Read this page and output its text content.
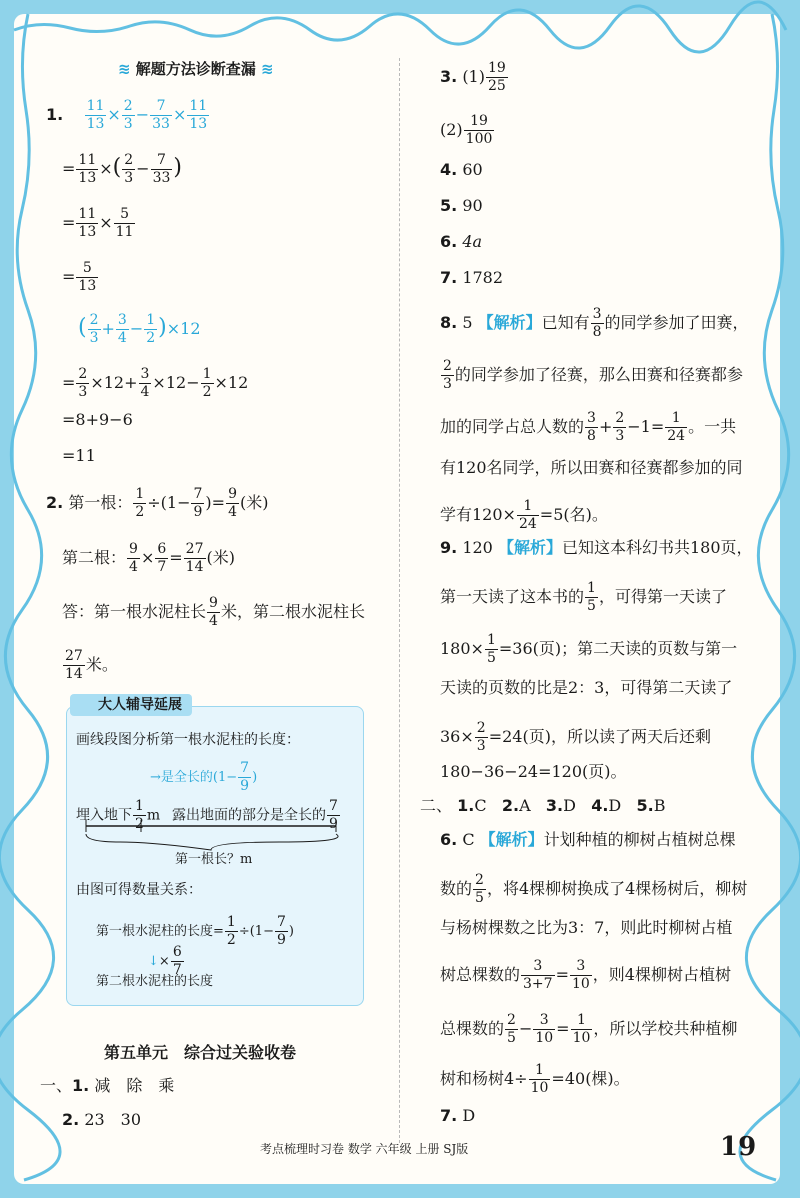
≋ 解题方法诊断查漏 ≋
1. $\frac{11}{13} \times \frac{2}{3} - \frac{7}{33} \times \frac{11}{13}$
= $\frac{11}{13}$ ×( $\frac{2}{3} - \frac{7}{33}$ )
= $\frac{11}{13} \times \frac{5}{11}$
= $\frac{5}{13}$
( $\frac{2}{3} + \frac{3}{4} - \frac{1}{2} )\times 12$
= $\frac{2}{3} \times 12+ \frac{3}{4} \times 12- \frac{1}{2} \times 12$
=8+9−6
=11
2. 第一根： $\frac{1}{2} \div(1- \frac{7}{9}$ )= $\frac{9}{4}$ (米)
第二根： $\frac{9}{4} \times \frac{6}{7} = \frac{27}{14}$ (米)
答：第一根水泥柱长 $\frac{9}{4}$ 米，第二根水泥柱长
$\frac{27}{14}$ 米。
大人辅导延展
画线段图分析第一根水泥柱的长度：
→是全长的($1- \frac{7}{9}$ )
埋入地下 $\frac{1}{2}$ m 露出地面的部分是全长的 $\frac{7}{9}$
第一根长？m
由图可得数量关系：
第一根水泥柱的长度= $\frac{1}{2} \div(1- \frac{7}{9}$ )
↓× $\frac{6}{7}$
第二根水泥柱的长度
第五单元　综合过关验收卷
一、1. 减　除　乘
2. 23　30
3. $(1) \frac{19}{25}$
$(2) \frac{19}{100}$
4. 60
5. 90
6. 4a
7. 1782
8. 5 【解析】已知有 $\frac{3}{8}$ 的同学参加了田赛，
$\frac{2}{3}$ 的同学参加了径赛，那么田赛和径赛都参
加的同学占总人数的 $\frac{3}{8} + \frac{2}{3} -1= \frac{1}{24}$ 。一共
有120名同学，所以田赛和径赛都参加的同
学有$120\times \frac{1}{24} =5$(名)。
9. 120 【解析】已知这本科幻书共180页，
第一天读了这本书的 $\frac{1}{5}$ ，可得第一天读了
$180\times \frac{1}{5} =36$(页)；第二天读的页数与第一
天读的页数的比是2：3，可得第二天读了
$36\times \frac{2}{3} =24$(页)，所以读了两天后还剩
180−36−24=120(页)。
二、 1.C 2.A 3.D 4.D 5.B
6. C 【解析】计划种植的柳树占植树总棵
数的 $\frac{2}{5}$ ，将4棵柳树换成了4棵杨树后，柳树
与杨树棵数之比为3：7，则此时柳树占植
树总棵数的 $\frac{3}{3+7} = \frac{3}{10}$ ，则4棵柳树占植树
总棵数的 $\frac{2}{5} - \frac{3}{10} = \frac{1}{10}$ ，所以学校共种植柳
树和杨树$4\div \frac{1}{10} =40$(棵)。
7. D
考点梳理时习卷 数学 六年级 上册 SJ版	19
